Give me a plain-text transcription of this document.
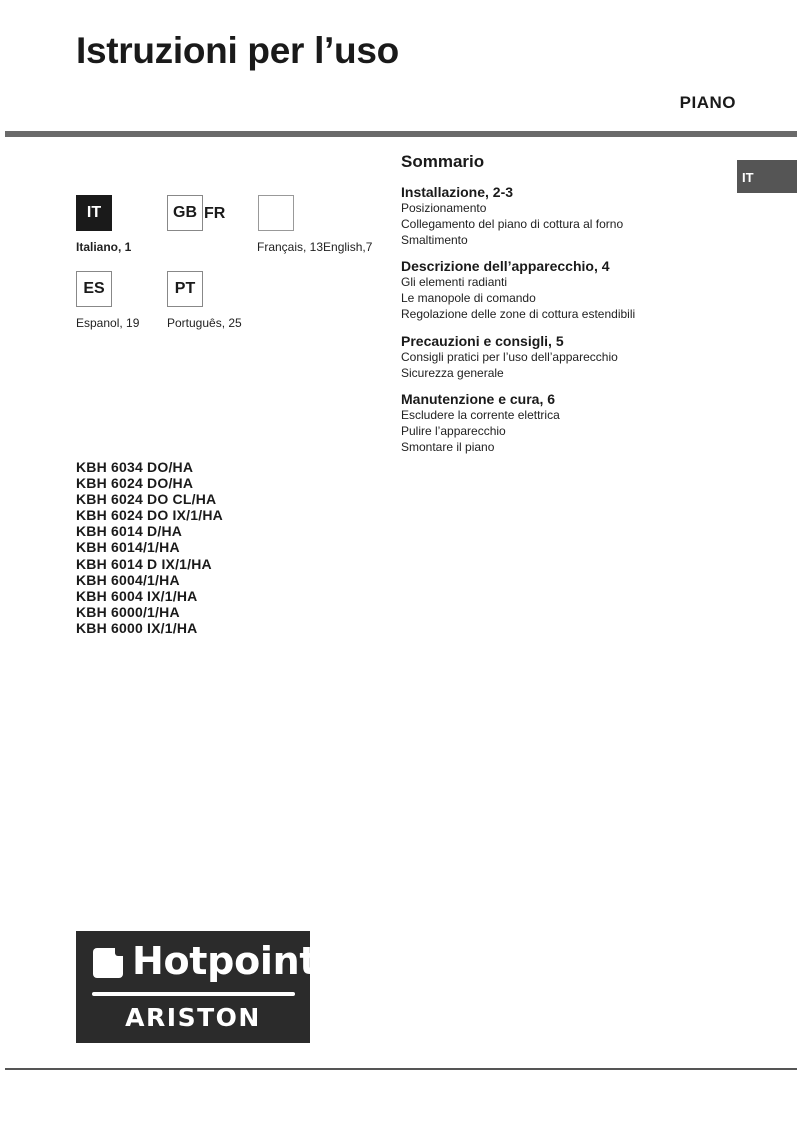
Istruzioni per l’uso
PIANO
IT
Italiano, 1
GB FR
Français, 13English,7
ES
Espanol, 19
PT
Português, 25
KBH 6034 DO/HA
KBH 6024 DO/HA
KBH 6024 DO CL/HA
KBH 6024 DO IX/1/HA
KBH 6014 D/HA
KBH 6014/1/HA
KBH 6014 D IX/1/HA
KBH 6004/1/HA
KBH 6004 IX/1/HA
KBH 6000/1/HA
KBH 6000 IX/1/HA
Sommario
Installazione, 2-3
Posizionamento
Collegamento del piano di cottura al forno
Smaltimento
Descrizione dell’apparecchio, 4
Gli elementi radianti
Le manopole di comando
Regolazione delle zone di cottura estendibili
Precauzioni e consigli, 5
Consigli pratici per l’uso dell’apparecchio
Sicurezza generale
Manutenzione e cura, 6
Escludere la corrente elettrica
Pulire l’apparecchio
Smontare il piano
IT
Hotpoint
ARISTON
